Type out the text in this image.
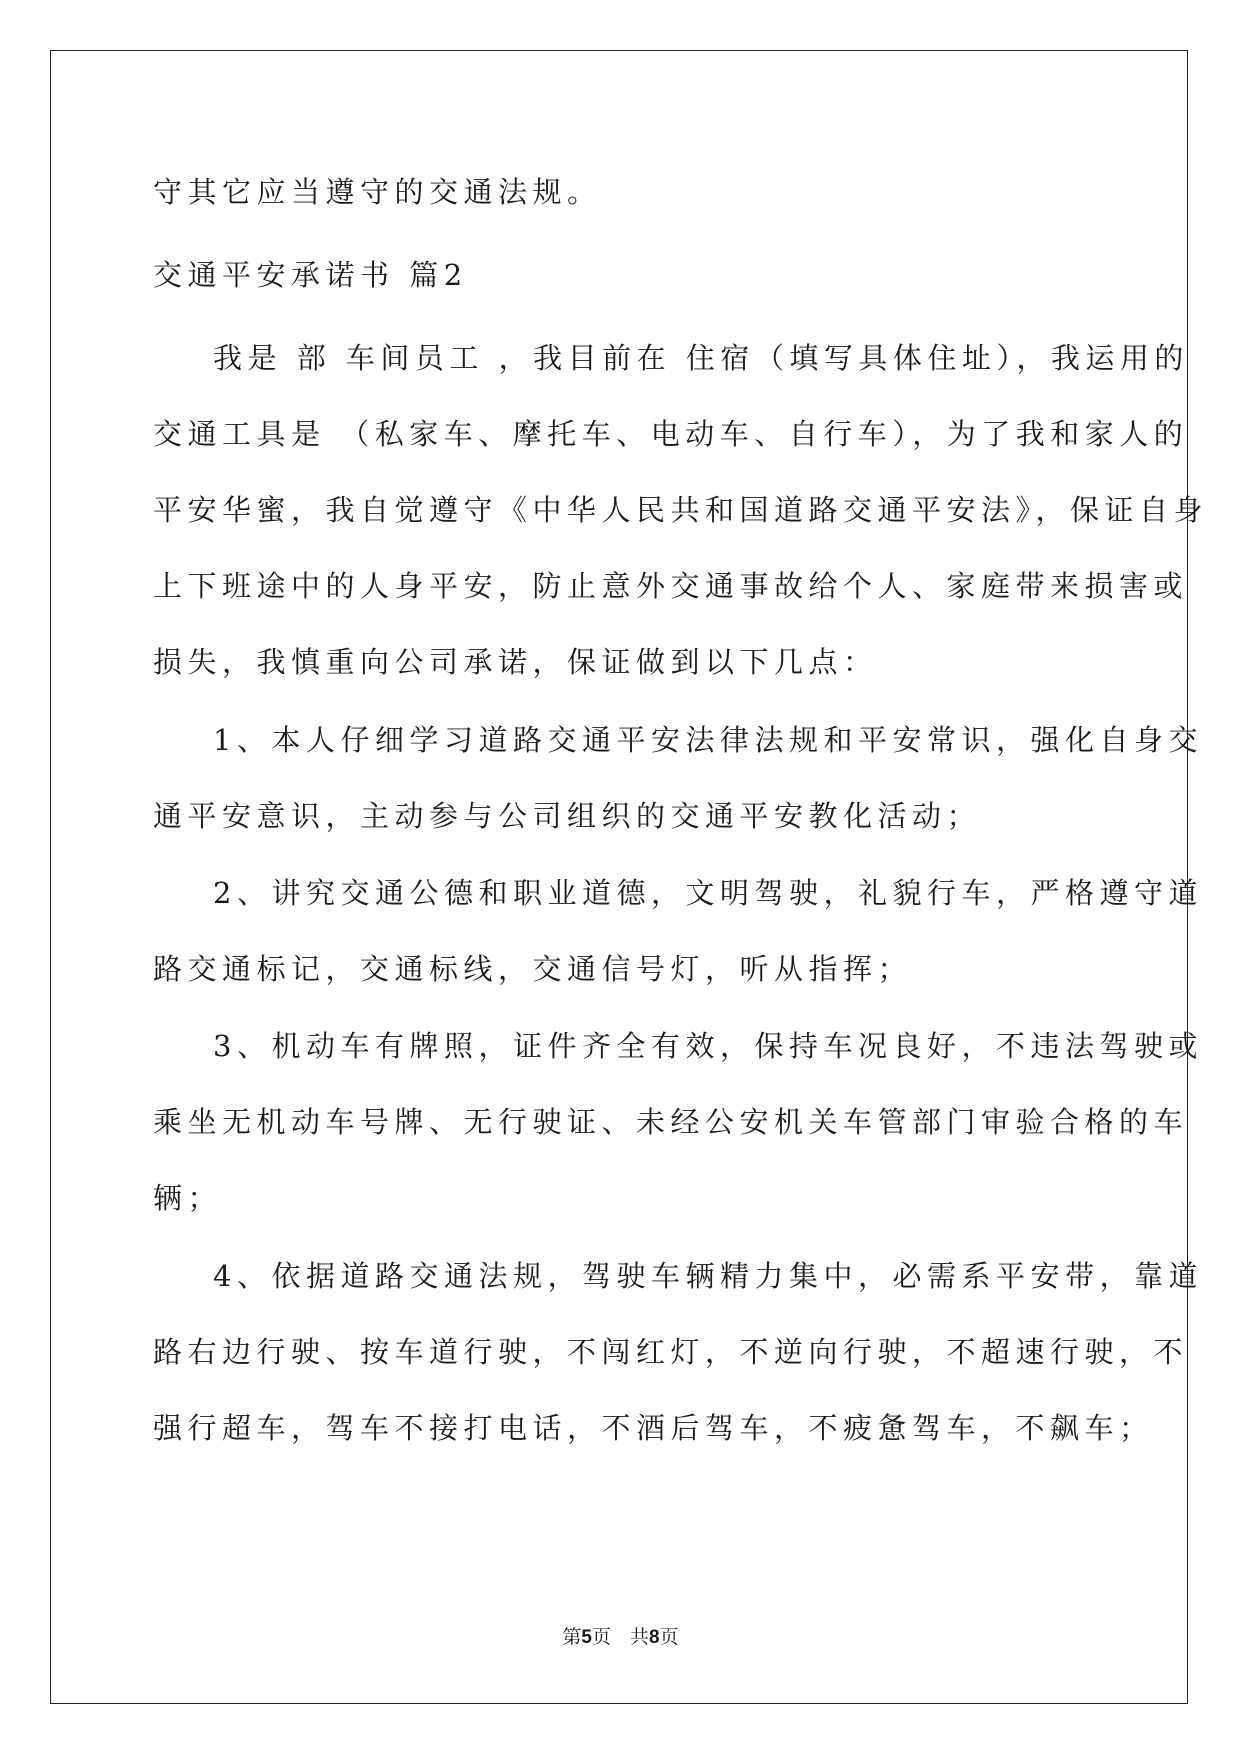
守其它应当遵守的交通法规。
交通平安承诺书 篇2
我是 部 车间员工 ，我目前在 住宿（填写具体住址），我运用的
交通工具是 （私家车、摩托车、电动车、自行车），为了我和家人的
平安华蜜，我自觉遵守《中华人民共和国道路交通平安法》，保证自身
上下班途中的人身平安，防止意外交通事故给个人、家庭带来损害或
损失，我慎重向公司承诺，保证做到以下几点：
1、本人仔细学习道路交通平安法律法规和平安常识，强化自身交
通平安意识，主动参与公司组织的交通平安教化活动；
2、讲究交通公德和职业道德，文明驾驶，礼貌行车，严格遵守道
路交通标记，交通标线，交通信号灯，听从指挥；
3、机动车有牌照，证件齐全有效，保持车况良好，不违法驾驶或
乘坐无机动车号牌、无行驶证、未经公安机关车管部门审验合格的车
辆；
4、依据道路交通法规，驾驶车辆精力集中，必需系平安带，靠道
路右边行驶、按车道行驶，不闯红灯，不逆向行驶，不超速行驶，不
强行超车，驾车不接打电话，不酒后驾车，不疲惫驾车，不飙车；
第5页　共8页
